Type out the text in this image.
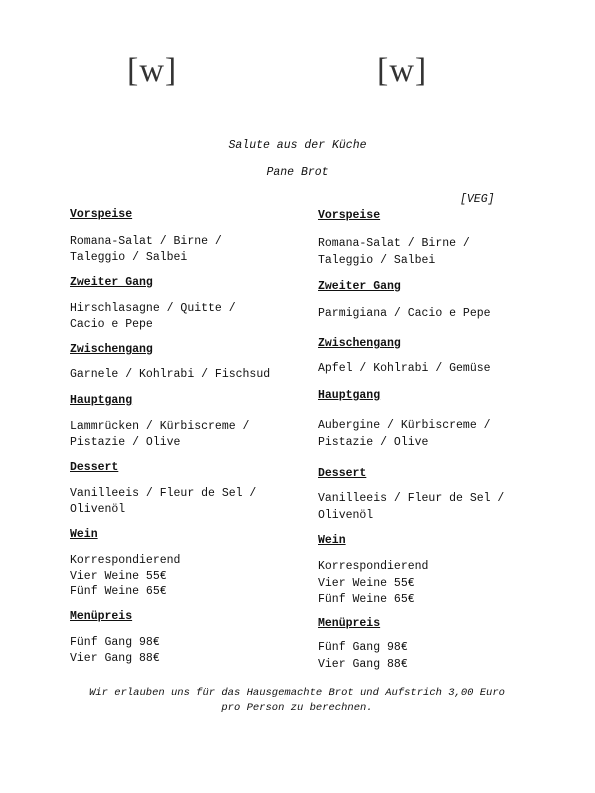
[w]	[w]
Salute aus der Küche
Pane Brot
[VEG]
Vorspeise
Romana-Salat / Birne /
Taleggio / Salbei
Zweiter Gang
Hirschlasagne / Quitte /
Cacio e Pepe
Zwischengang
Garnele / Kohlrabi / Fischsud
Hauptgang
Lammrücken / Kürbiscreme /
Pistazie / Olive
Dessert
Vanilleeis / Fleur de Sel /
Olivenöl
Wein
Korrespondierend
Vier Weine 55€
Fünf Weine 65€
Menüpreis
Fünf Gang 98€
Vier Gang 88€
Vorspeise
Romana-Salat / Birne /
Taleggio / Salbei
Zweiter Gang
Parmigiana / Cacio e Pepe
Zwischengang
Apfel / Kohlrabi / Gemüse
Hauptgang
Aubergine / Kürbiscreme /
Pistazie / Olive
Dessert
Vanilleeis / Fleur de Sel /
Olivenöl
Wein
Korrespondierend
Vier Weine 55€
Fünf Weine 65€
Menüpreis
Fünf Gang 98€
Vier Gang 88€
Wir erlauben uns für das Hausgemachte Brot und Aufstrich 3,00 Euro pro Person zu berechnen.
